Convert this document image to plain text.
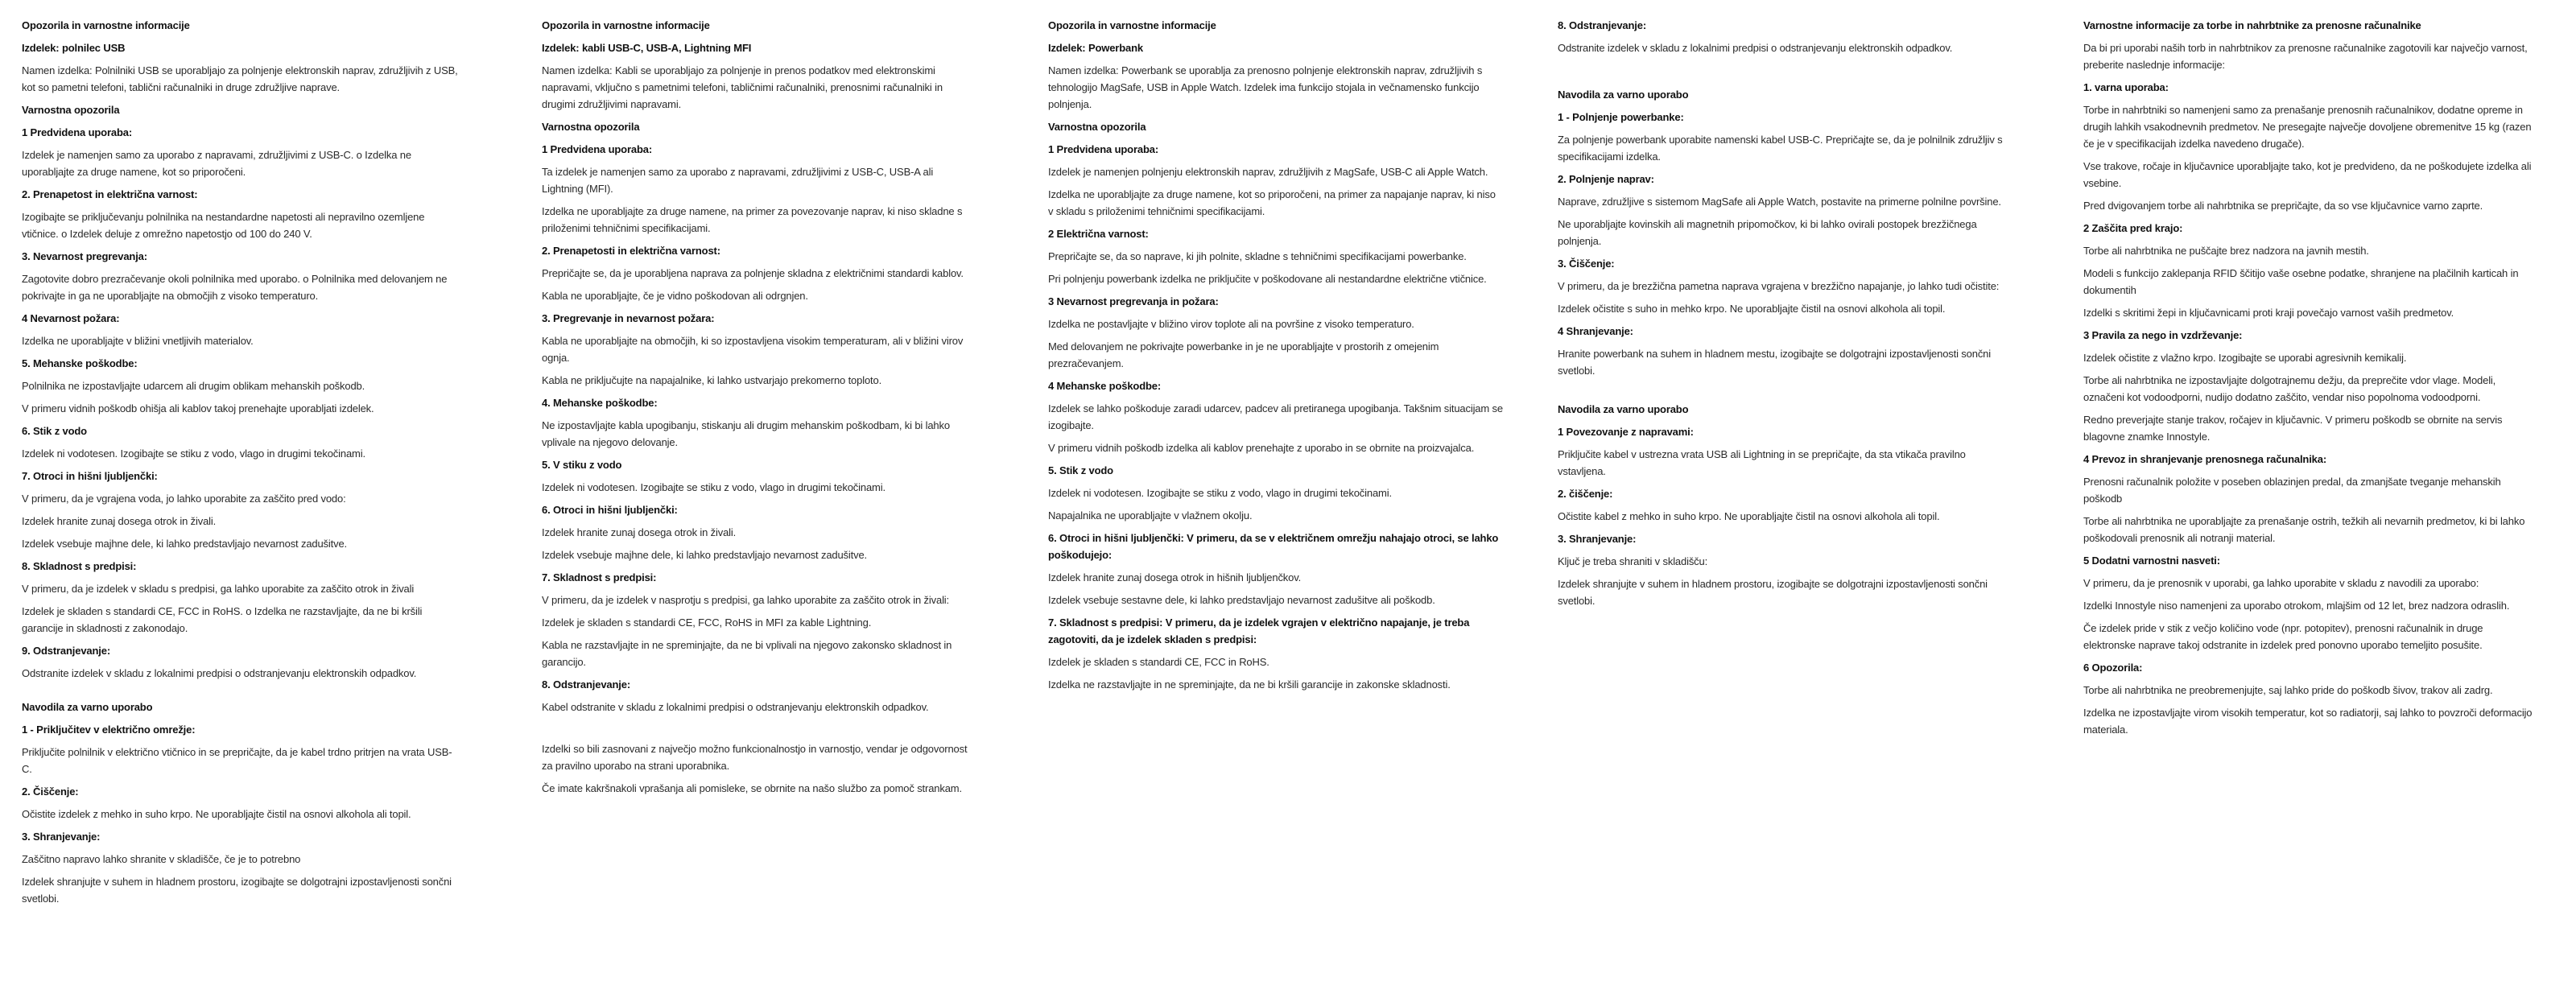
Opozorila in varnostne informacije

Izdelek: polnilec USB

Namen izdelka: Polnilniki USB se uporabljajo za polnjenje elektronskih naprav, združljivih z USB, kot so pametni telefoni, tablični računalniki in druge združljive naprave.

Varnostna opozorila

1 Predvidena uporaba:

Izdelek je namenjen samo za uporabo z napravami, združljivimi z USB-C. o Izdelka ne uporabljajte za druge namene, kot so priporočeni.

2. Prenapetost in električna varnost:

Izogibajte se priključevanju polnilnika na nestandardne napetosti ali nepravilno ozemljene vtičnice. o Izdelek deluje z omrežno napetostjo od 100 do 240 V.

3. Nevarnost pregrevanja:

Zagotovite dobro prezračevanje okoli polnilnika med uporabo. o Polnilnika med delovanjem ne pokrivajte in ga ne uporabljajte na območjih z visoko temperaturo.

4 Nevarnost požara:

Izdelka ne uporabljajte v bližini vnetljivih materialov.

5. Mehanske poškodbe:

Polnilnika ne izpostavljajte udarcem ali drugim oblikam mehanskih poškodb.

V primeru vidnih poškodb ohišja ali kablov takoj prenehajte uporabljati izdelek.

6. Stik z vodo

Izdelek ni vodotesen. Izogibajte se stiku z vodo, vlago in drugimi tekočinami.

7. Otroci in hišni ljubljenčki:

V primeru, da je vgrajena voda, jo lahko uporabite za zaščito pred vodo:

Izdelek hranite zunaj dosega otrok in živali.

Izdelek vsebuje majhne dele, ki lahko predstavljajo nevarnost zadušitve.

8. Skladnost s predpisi:

V primeru, da je izdelek v skladu s predpisi, ga lahko uporabite za zaščito otrok in živali

Izdelek je skladen s standardi CE, FCC in RoHS. o Izdelka ne razstavljajte, da ne bi kršili garancije in skladnosti z zakonodajo.

9. Odstranjevanje:

Odstranite izdelek v skladu z lokalnimi predpisi o odstranjevanju elektronskih odpadkov.

Navodila za varno uporabo

1 - Priključitev v električno omrežje:

Priključite polnilnik v električno vtičnico in se prepričajte, da je kabel trdno pritrjen na vrata USB-C.

2. Čiščenje:

Očistite izdelek z mehko in suho krpo. Ne uporabljajte čistil na osnovi alkohola ali topil.

3. Shranjevanje:

Zaščitno napravo lahko shranite v skladišče, če je to potrebno

Izdelek shranjujte v suhem in hladnem prostoru, izogibajte se dolgotrajni izpostavljenosti sončni svetlobi.

Opozorila in varnostne informacije

Izdelek: kabli USB-C, USB-A, Lightning MFI

Namen izdelka: Kabli se uporabljajo za polnjenje in prenos podatkov med elektronskimi napravami, vključno s pametnimi telefoni, tabličnimi računalniki, prenosnimi računalniki in drugimi združljivimi napravami.

Varnostna opozorila

1 Predvidena uporaba:

Ta izdelek je namenjen samo za uporabo z napravami, združljivimi z USB-C, USB-A ali Lightning (MFI).

Izdelka ne uporabljajte za druge namene, na primer za povezovanje naprav, ki niso skladne s priloženimi tehničnimi specifikacijami.

2. Prenapetosti in električna varnost:

Prepričajte se, da je uporabljena naprava za polnjenje skladna z električnimi standardi kablov.

Kabla ne uporabljajte, če je vidno poškodovan ali odrgnjen.

3. Pregrevanje in nevarnost požara:

Kabla ne uporabljajte na območjih, ki so izpostavljena visokim temperaturam, ali v bližini virov ognja.

Kabla ne priključujte na napajalnike, ki lahko ustvarjajo prekomerno toploto.

4. Mehanske poškodbe:

Ne izpostavljajte kabla upogibanju, stiskanju ali drugim mehanskim poškodbam, ki bi lahko vplivale na njegovo delovanje.

5. V stiku z vodo

Izdelek ni vodotesen. Izogibajte se stiku z vodo, vlago in drugimi tekočinami.

6. Otroci in hišni ljubljenčki:

Izdelek hranite zunaj dosega otrok in živali.

Izdelek vsebuje majhne dele, ki lahko predstavljajo nevarnost zadušitve.

7. Skladnost s predpisi:

V primeru, da je izdelek v nasprotju s predpisi, ga lahko uporabite za zaščito otrok in živali:

Izdelek je skladen s standardi CE, FCC, RoHS in MFI za kable Lightning.

Kabla ne razstavljajte in ne spreminjajte, da ne bi vplivali na njegovo zakonsko skladnost in garancijo.

8. Odstranjevanje:

Kabel odstranite v skladu z lokalnimi predpisi o odstranjevanju elektronskih odpadkov.

Izdelki so bili zasnovani z največjo možno funkcionalnostjo in varnostjo, vendar je odgovornost za pravilno uporabo na strani uporabnika.

Če imate kakršnakoli vprašanja ali pomisleke, se obrnite na našo službo za pomoč strankam.

Opozorila in varnostne informacije

Izdelek: Powerbank

Namen izdelka: Powerbank se uporablja za prenosno polnjenje elektronskih naprav, združljivih s tehnologijo MagSafe, USB in Apple Watch. Izdelek ima funkcijo stojala in večnamensko funkcijo polnjenja.

Varnostna opozorila

1 Predvidena uporaba:

Izdelek je namenjen polnjenju elektronskih naprav, združljivih z MagSafe, USB-C ali Apple Watch.

Izdelka ne uporabljajte za druge namene, kot so priporočeni, na primer za napajanje naprav, ki niso v skladu s priloženimi tehničnimi specifikacijami.

2 Električna varnost:

Prepričajte se, da so naprave, ki jih polnite, skladne s tehničnimi specifikacijami powerbanke.

Pri polnjenju powerbank izdelka ne priključite v poškodovane ali nestandardne električne vtičnice.

3 Nevarnost pregrevanja in požara:

Izdelka ne postavljajte v bližino virov toplote ali na površine z visoko temperaturo.

Med delovanjem ne pokrivajte powerbanke in je ne uporabljajte v prostorih z omejenim prezračevanjem.

4 Mehanske poškodbe:

Izdelek se lahko poškoduje zaradi udarcev, padcev ali pretiranega upogibanja. Takšnim situacijam se izogibajte.

V primeru vidnih poškodb izdelka ali kablov prenehajte z uporabo in se obrnite na proizvajalca.

5. Stik z vodo

Izdelek ni vodotesen. Izogibajte se stiku z vodo, vlago in drugimi tekočinami.

Napajalnika ne uporabljajte v vlažnem okolju.

6. Otroci in hišni ljubljenčki: V primeru, da se v električnem omrežju nahajajo otroci, se lahko poškodujejo:

Izdelek hranite zunaj dosega otrok in hišnih ljubljenčkov.

Izdelek vsebuje sestavne dele, ki lahko predstavljajo nevarnost zadušitve ali poškodb.

7. Skladnost s predpisi: V primeru, da je izdelek vgrajen v električno napajanje, je treba zagotoviti, da je izdelek skladen s predpisi:

Izdelek je skladen s standardi CE, FCC in RoHS.

Izdelka ne razstavljajte in ne spreminjajte, da ne bi kršili garancije in zakonske skladnosti.

8. Odstranjevanje:

Odstranite izdelek v skladu z lokalnimi predpisi o odstranjevanju elektronskih odpadkov.

Navodila za varno uporabo

1 - Polnjenje powerbanke:

Za polnjenje powerbank uporabite namenski kabel USB-C. Prepričajte se, da je polnilnik združljiv s specifikacijami izdelka.

2. Polnjenje naprav:

Naprave, združljive s sistemom MagSafe ali Apple Watch, postavite na primerne polnilne površine.

Ne uporabljajte kovinskih ali magnetnih pripomočkov, ki bi lahko ovirali postopek brezžičnega polnjenja.

3. Čiščenje:

V primeru, da je brezžična pametna naprava vgrajena v brezžično napajanje, jo lahko tudi očistite:

Izdelek očistite s suho in mehko krpo. Ne uporabljajte čistil na osnovi alkohola ali topil.

4 Shranjevanje:

Hranite powerbank na suhem in hladnem mestu, izogibajte se dolgotrajni izpostavljenosti sončni svetlobi.

Navodila za varno uporabo

1 Povezovanje z napravami:

Priključite kabel v ustrezna vrata USB ali Lightning in se prepričajte, da sta vtikača pravilno vstavljena.

2. čiščenje:

Očistite kabel z mehko in suho krpo. Ne uporabljajte čistil na osnovi alkohola ali topil.

3. Shranjevanje:

Ključ je treba shraniti v skladišču:

Izdelek shranjujte v suhem in hladnem prostoru, izogibajte se dolgotrajni izpostavljenosti sončni svetlobi.

Varnostne informacije za torbe in nahrbtnike za prenosne računalnike

Da bi pri uporabi naših torb in nahrbtnikov za prenosne računalnike zagotovili kar največjo varnost, preberite naslednje informacije:

1. varna uporaba:

Torbe in nahrbtniki so namenjeni samo za prenašanje prenosnih računalnikov, dodatne opreme in drugih lahkih vsakodnevnih predmetov. Ne presegajte največje dovoljene obremenitve 15 kg (razen če je v specifikacijah izdelka navedeno drugače).

Vse trakove, ročaje in ključavnice uporabljajte tako, kot je predvideno, da ne poškodujete izdelka ali vsebine.

Pred dvigovanjem torbe ali nahrbtnika se prepričajte, da so vse ključavnice varno zaprte.

2 Zaščita pred krajo:

Torbe ali nahrbtnika ne puščajte brez nadzora na javnih mestih.

Modeli s funkcijo zaklepanja RFID ščitijo vaše osebne podatke, shranjene na plačilnih karticah in dokumentih

Izdelki s skritimi žepi in ključavnicami proti kraji povečajo varnost vaših predmetov.

3 Pravila za nego in vzdrževanje:

Izdelek očistite z vlažno krpo. Izogibajte se uporabi agresivnih kemikalij.

Torbe ali nahrbtnika ne izpostavljajte dolgotrajnemu dežju, da preprečite vdor vlage. Modeli, označeni kot vodoodporni, nudijo dodatno zaščito, vendar niso popolnoma vodoodporni.

Redno preverjajte stanje trakov, ročajev in ključavnic. V primeru poškodb se obrnite na servis blagovne znamke Innostyle.

4 Prevoz in shranjevanje prenosnega računalnika:

Prenosni računalnik položite v poseben oblazinjen predal, da zmanjšate tveganje mehanskih poškodb

Torbe ali nahrbtnika ne uporabljajte za prenašanje ostrih, težkih ali nevarnih predmetov, ki bi lahko poškodovali prenosnik ali notranji material.

5 Dodatni varnostni nasveti:

V primeru, da je prenosnik v uporabi, ga lahko uporabite v skladu z navodili za uporabo:

Izdelki Innostyle niso namenjeni za uporabo otrokom, mlajšim od 12 let, brez nadzora odraslih.

Če izdelek pride v stik z večjo količino vode (npr. potopitev), prenosni računalnik in druge elektronske naprave takoj odstranite in izdelek pred ponovno uporabo temeljito posušite.

6 Opozorila:

Torbe ali nahrbtnika ne preobremenjujte, saj lahko pride do poškodb šivov, trakov ali zadrg.

Izdelka ne izpostavljajte virom visokih temperatur, kot so radiatorji, saj lahko to povzroči deformacijo materiala.
